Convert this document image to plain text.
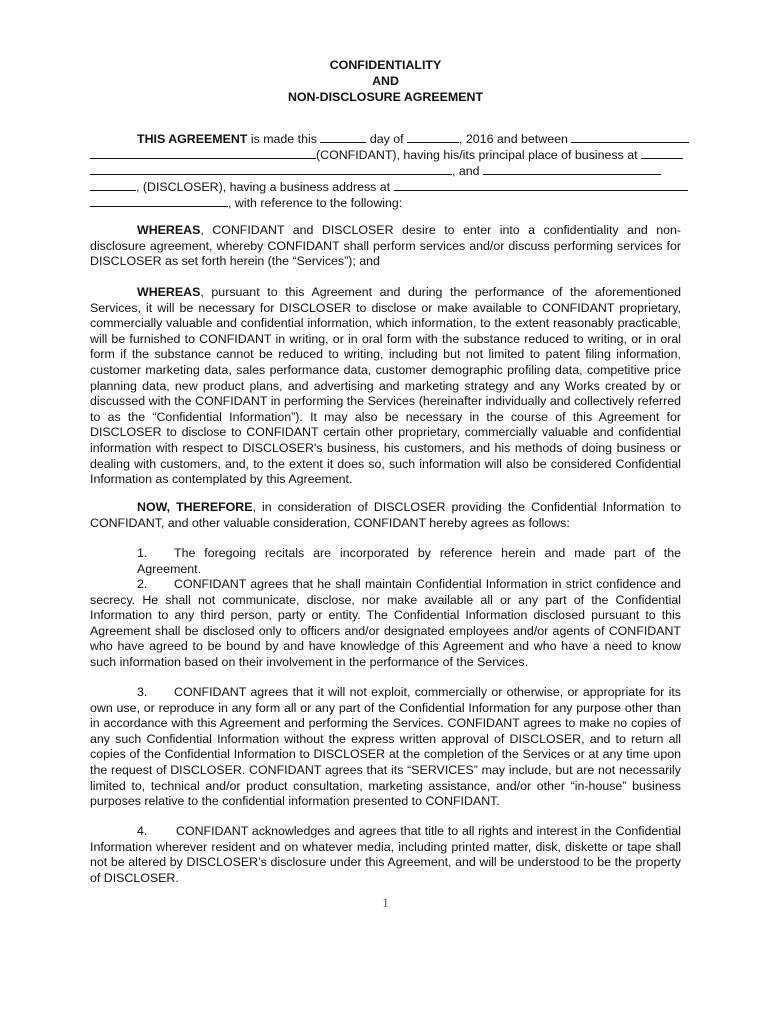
CONFIDENTIALITY
AND
NON-DISCLOSURE AGREEMENT
THIS AGREEMENT is made this	day of	, 2016 and between
(CONFIDANT), having his/its principal place of business at
, and
, (DISCLOSER), having a business address at
, with reference to the following:

WHEREAS, CONFIDANT and DISCLOSER desire to enter into a confidentiality and non-disclosure agreement, whereby CONFIDANT shall perform services and/or discuss performing services for DISCLOSER as set forth herein (the “Services”); and

WHEREAS, pursuant to this Agreement and during the performance of the aforementioned Services, it will be necessary for DISCLOSER to disclose or make available to CONFIDANT proprietary, commercially valuable and confidential information, which information, to the extent reasonably practicable, will be furnished to CONFIDANT in writing, or in oral form with the substance reduced to writing, or in oral form if the substance cannot be reduced to writing, including but not limited to patent filing information, customer marketing data, sales performance data, customer demographic profiling data, competitive price planning data, new product plans, and advertising and marketing strategy and any Works created by or discussed with the CONFIDANT in performing the Services (hereinafter individually and collectively referred to as the “Confidential Information”). It may also be necessary in the course of this Agreement for DISCLOSER to disclose to CONFIDANT certain other proprietary, commercially valuable and confidential information with respect to DISCLOSER's business, his customers, and his methods of doing business or dealing with customers, and, to the extent it does so, such information will also be considered Confidential Information as contemplated by this Agreement.

NOW, THEREFORE, in consideration of DISCLOSER providing the Confidential Information to CONFIDANT, and other valuable consideration, CONFIDANT hereby agrees as follows:

1. The foregoing recitals are incorporated by reference herein and made part of the Agreement.

2. CONFIDANT agrees that he shall maintain Confidential Information in strict confidence and secrecy. He shall not communicate, disclose, nor make available all or any part of the Confidential Information to any third person, party or entity. The Confidential Information disclosed pursuant to this Agreement shall be disclosed only to officers and/or designated employees and/or agents of CONFIDANT who have agreed to be bound by and have knowledge of this Agreement and who have a need to know such information based on their involvement in the performance of the Services.

3. CONFIDANT agrees that it will not exploit, commercially or otherwise, or appropriate for its own use, or reproduce in any form all or any part of the Confidential Information for any purpose other than in accordance with this Agreement and performing the Services. CONFIDANT agrees to make no copies of any such Confidential Information without the express written approval of DISCLOSER, and to return all copies of the Confidential Information to DISCLOSER at the completion of the Services or at any time upon the request of DISCLOSER. CONFIDANT agrees that its “SERVICES” may include, but are not necessarily limited to, technical and/or product consultation, marketing assistance, and/or other “in-house” business purposes relative to the confidential information presented to CONFIDANT.

4. CONFIDANT acknowledges and agrees that title to all rights and interest in the Confidential Information wherever resident and on whatever media, including printed matter, disk, diskette or tape shall not be altered by DISCLOSER’s disclosure under this Agreement, and will be understood to be the property of DISCLOSER.

1
